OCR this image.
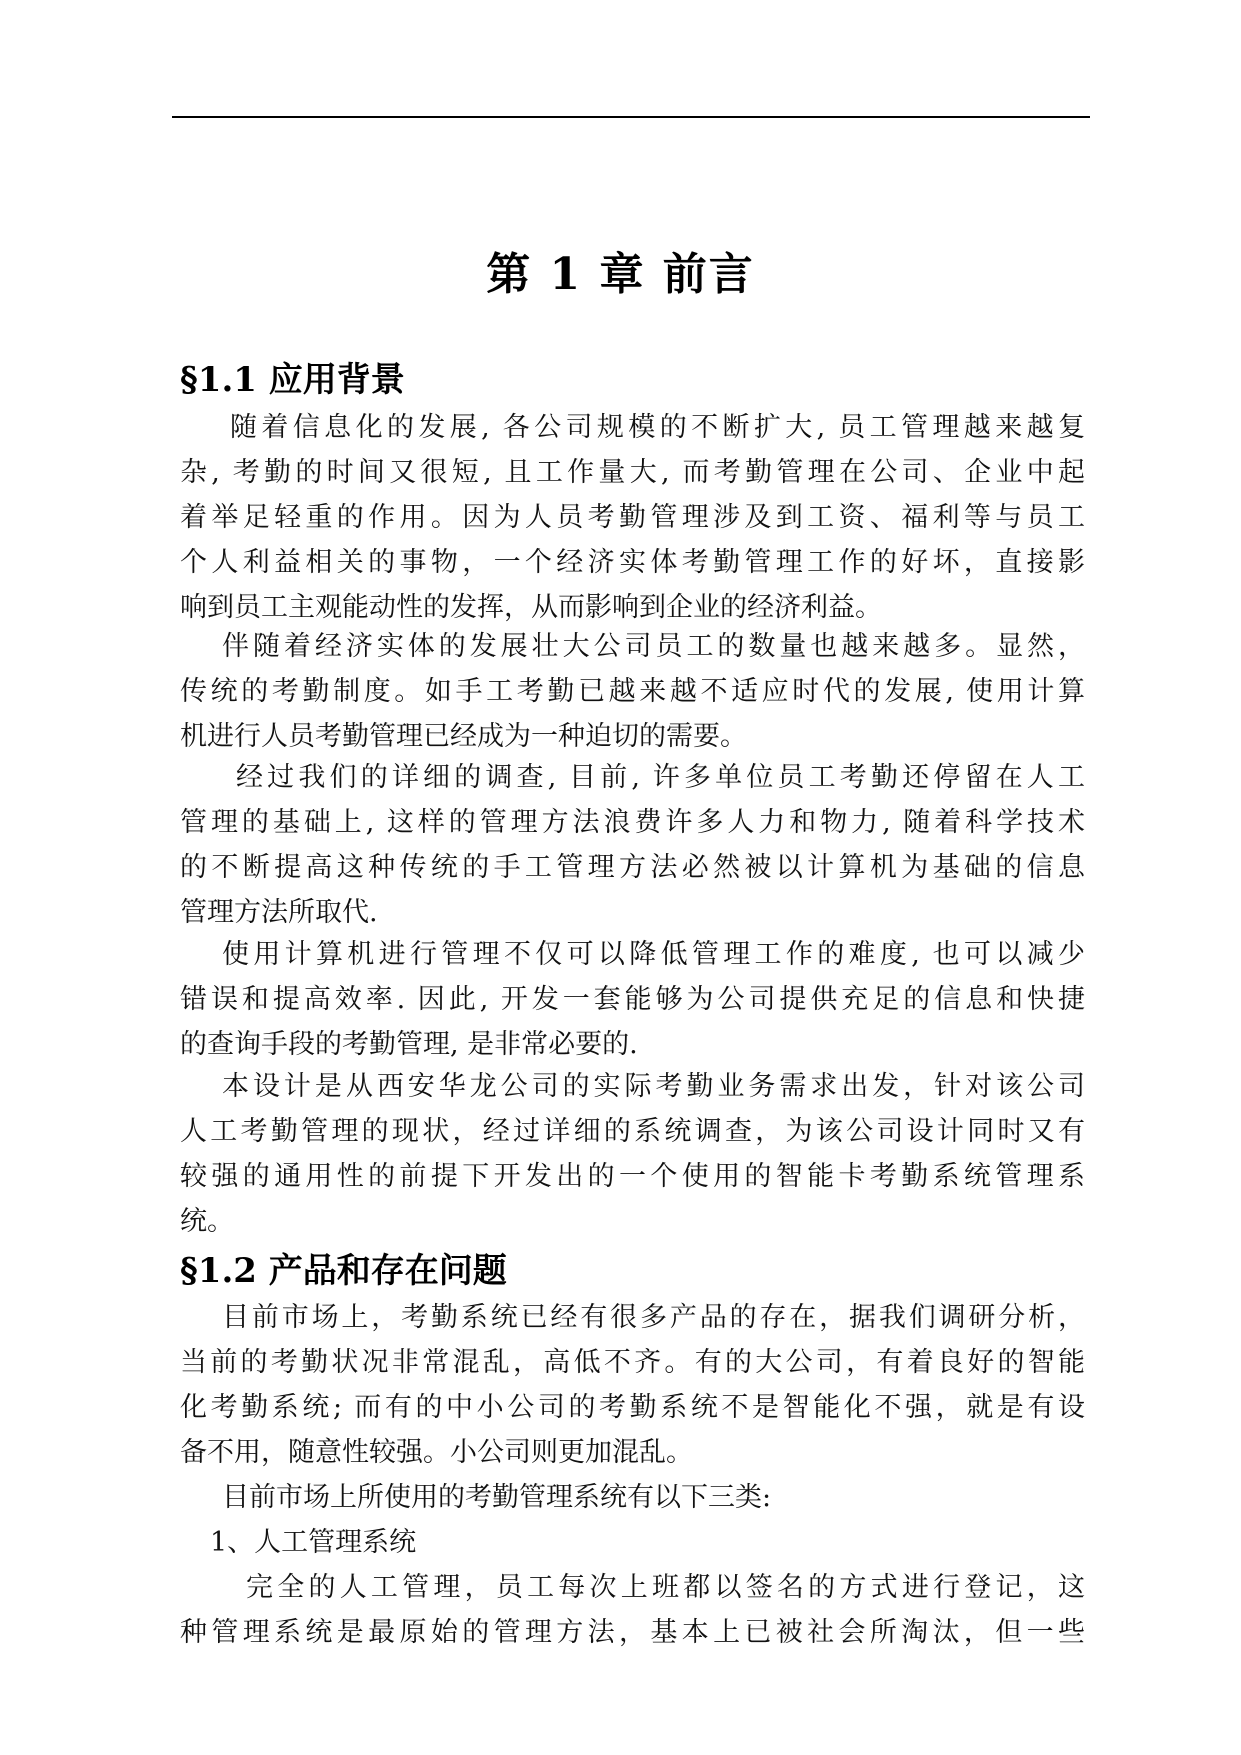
第 1 章 前言
§1.1 应用背景
随着信息化的发展, 各公司规模的不断扩大, 员工管理越来越复
杂, 考勤的时间又很短, 且工作量大, 而考勤管理在公司、企业中起
着举足轻重的作用。因为人员考勤管理涉及到工资、福利等与员工
个人利益相关的事物，一个经济实体考勤管理工作的好坏，直接影
响到员工主观能动性的发挥，从而影响到企业的经济利益。
伴随着经济实体的发展壮大公司员工的数量也越来越多。显然，
传统的考勤制度。如手工考勤已越来越不适应时代的发展, 使用计算
机进行人员考勤管理已经成为一种迫切的需要。
经过我们的详细的调查, 目前, 许多单位员工考勤还停留在人工
管理的基础上, 这样的管理方法浪费许多人力和物力, 随着科学技术
的不断提高这种传统的手工管理方法必然被以计算机为基础的信息
管理方法所取代.
使用计算机进行管理不仅可以降低管理工作的难度, 也可以减少
错误和提高效率. 因此, 开发一套能够为公司提供充足的信息和快捷
的查询手段的考勤管理, 是非常必要的.
本设计是从西安华龙公司的实际考勤业务需求出发，针对该公司
人工考勤管理的现状，经过详细的系统调查，为该公司设计同时又有
较强的通用性的前提下开发出的一个使用的智能卡考勤系统管理系
统。
§1.2 产品和存在问题
目前市场上，考勤系统已经有很多产品的存在，据我们调研分析，
当前的考勤状况非常混乱，高低不齐。有的大公司，有着良好的智能
化考勤系统; 而有的中小公司的考勤系统不是智能化不强，就是有设
备不用，随意性较强。小公司则更加混乱。
目前市场上所使用的考勤管理系统有以下三类:
1、人工管理系统
完全的人工管理，员工每次上班都以签名的方式进行登记，这
种管理系统是最原始的管理方法，基本上已被社会所淘汰，但一些
